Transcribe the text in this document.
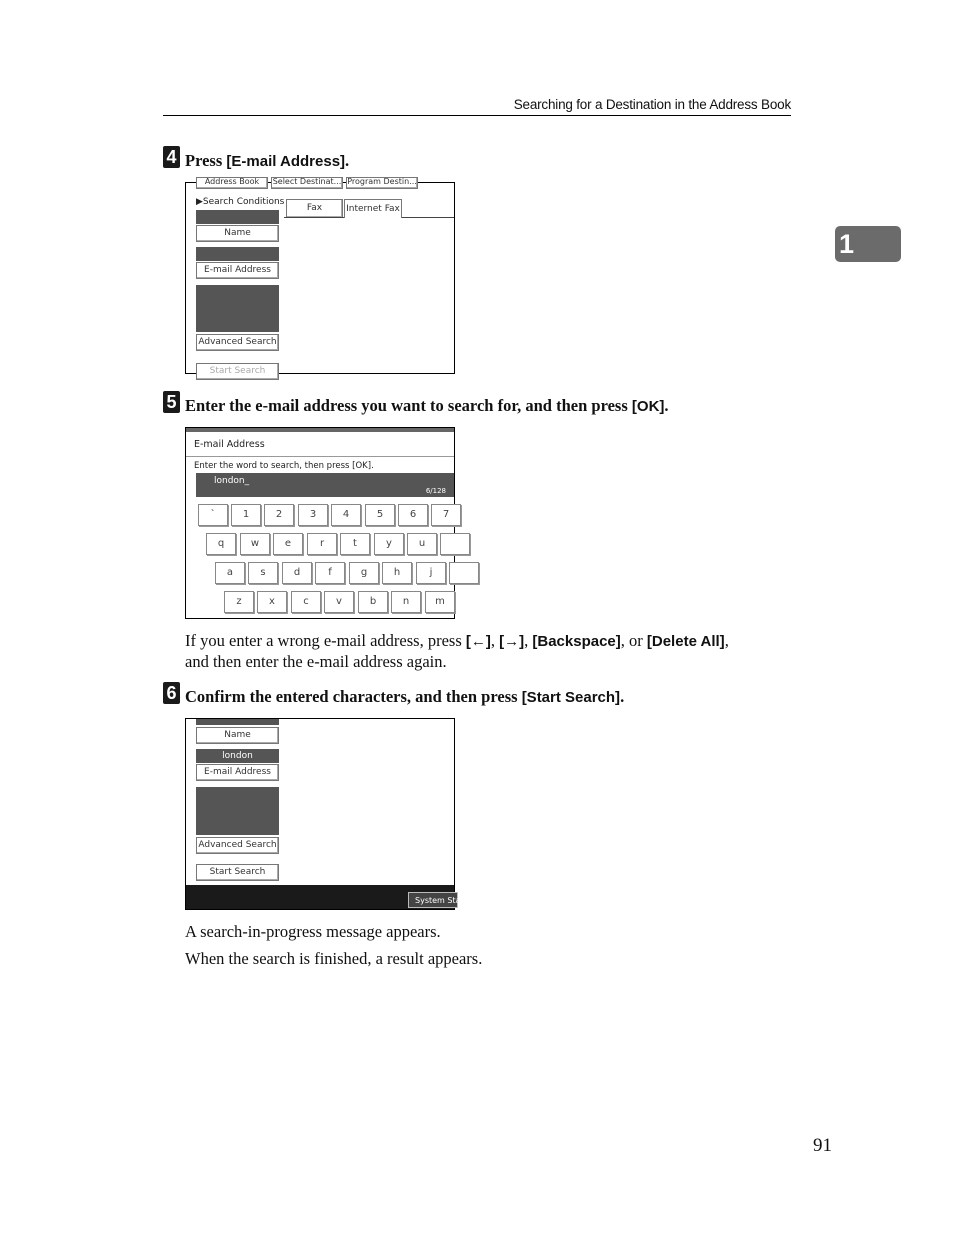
Searching for a Destination in the Address Book
1
4 Press [E-mail Address].
Address Book	Select Destinat... Program Destin...
▶Search Conditions
Name
E-mail Address
Advanced Search
Start Search
Fax	Internet Fax
5 Enter the e-mail address you want to search for, and then press [OK].
E-mail Address
Enter the word to search, then press [OK].
london_
6/128
`	1	2	3	4	5	6	7
q	w	e	r	t	y	u
a	s	d	f	g	h	j
z	x	c	v	b	n	m
If you enter a wrong e-mail address, press [←], [→], [Backspace], or [Delete All],
and then enter the e-mail address again.
6 Confirm the entered characters, and then press [Start Search].
Name
london
E-mail Address
Advanced Search
Start Search
System Statu
A search-in-progress message appears.
When the search is finished, a result appears.
91
